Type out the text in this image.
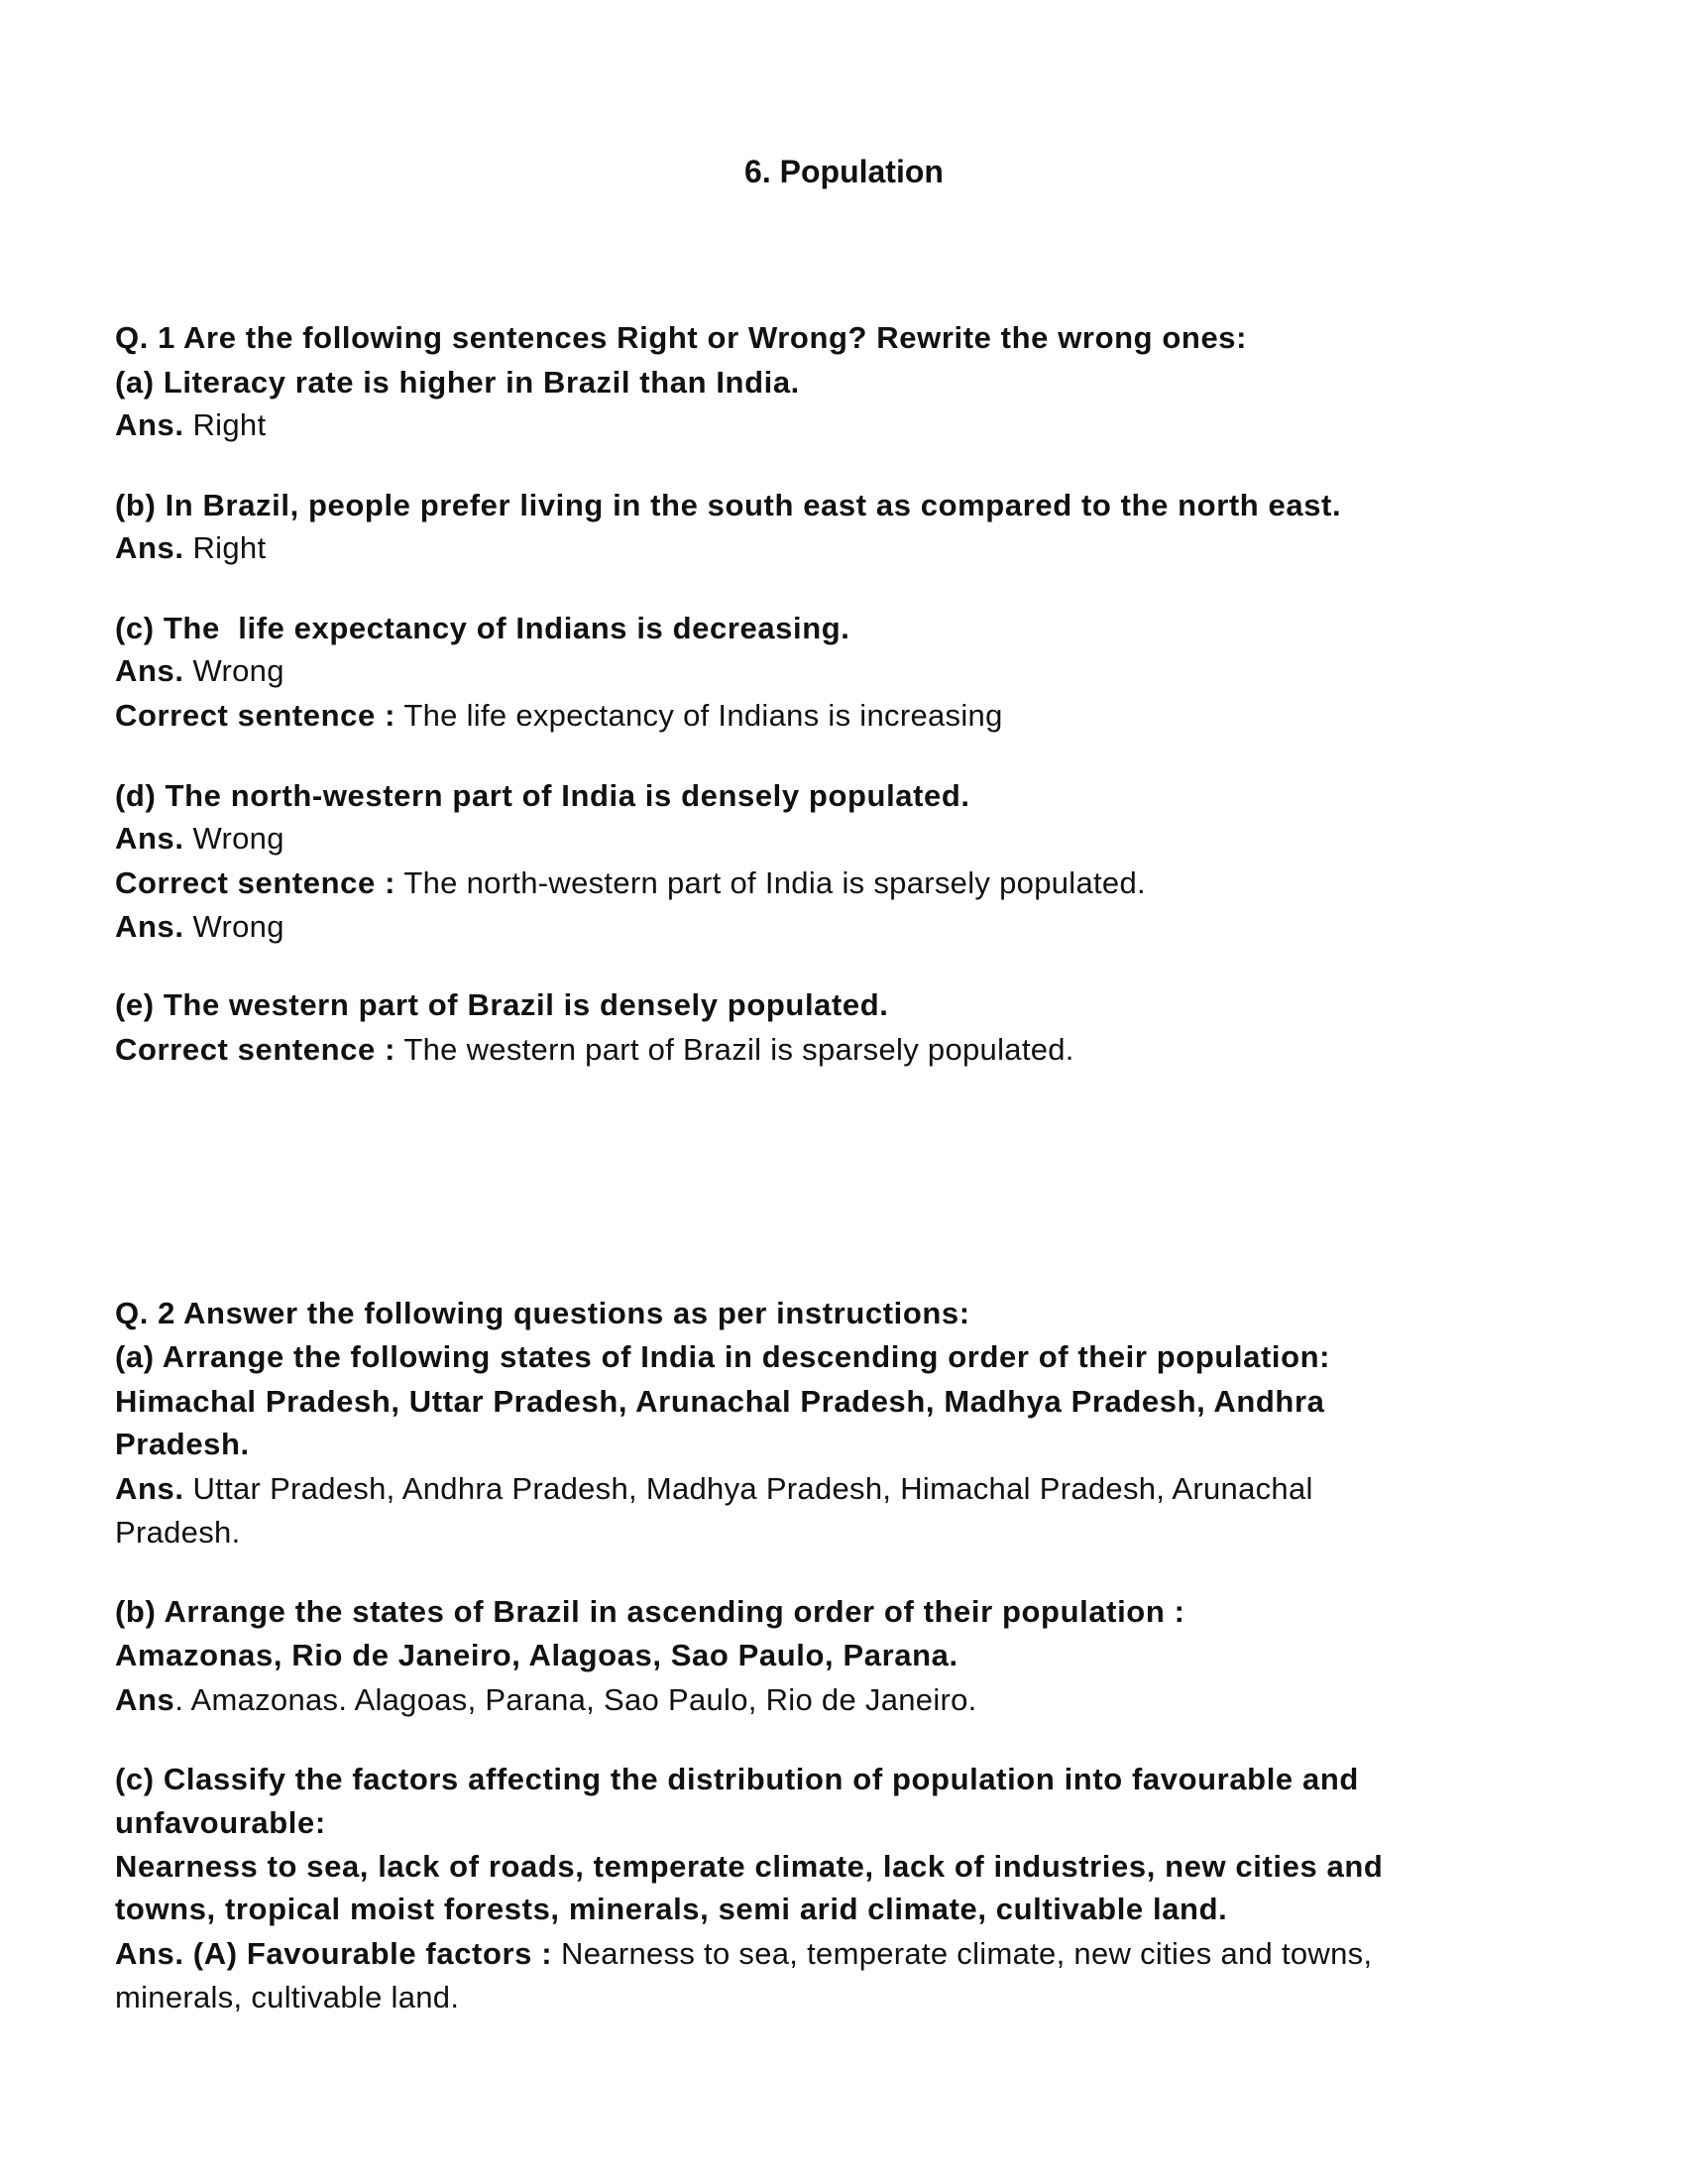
6. Population
Q. 1 Are the following sentences Right or Wrong? Rewrite the wrong ones:
(a) Literacy rate is higher in Brazil than India.
Ans. Right
(b) In Brazil, people prefer living in the south east as compared to the north east.
Ans. Right
(c) The  life expectancy of Indians is decreasing.
Ans. Wrong
Correct sentence : The life expectancy of Indians is increasing
(d) The north-western part of India is densely populated.
Ans. Wrong
Correct sentence : The north-western part of India is sparsely populated.
Ans. Wrong
(e) The western part of Brazil is densely populated.
Correct sentence : The western part of Brazil is sparsely populated.
Q. 2 Answer the following questions as per instructions:
(a) Arrange the following states of India in descending order of their population:
Himachal Pradesh, Uttar Pradesh, Arunachal Pradesh, Madhya Pradesh, Andhra
Pradesh.
Ans. Uttar Pradesh, Andhra Pradesh, Madhya Pradesh, Himachal Pradesh, Arunachal
Pradesh.
(b) Arrange the states of Brazil in ascending order of their population :
Amazonas, Rio de Janeiro, Alagoas, Sao Paulo, Parana.
Ans. Amazonas. Alagoas, Parana, Sao Paulo, Rio de Janeiro.
(c) Classify the factors affecting the distribution of population into favourable and
unfavourable:
Nearness to sea, lack of roads, temperate climate, lack of industries, new cities and
towns, tropical moist forests, minerals, semi arid climate, cultivable land.
Ans. (A) Favourable factors : Nearness to sea, temperate climate, new cities and towns,
minerals, cultivable land.
